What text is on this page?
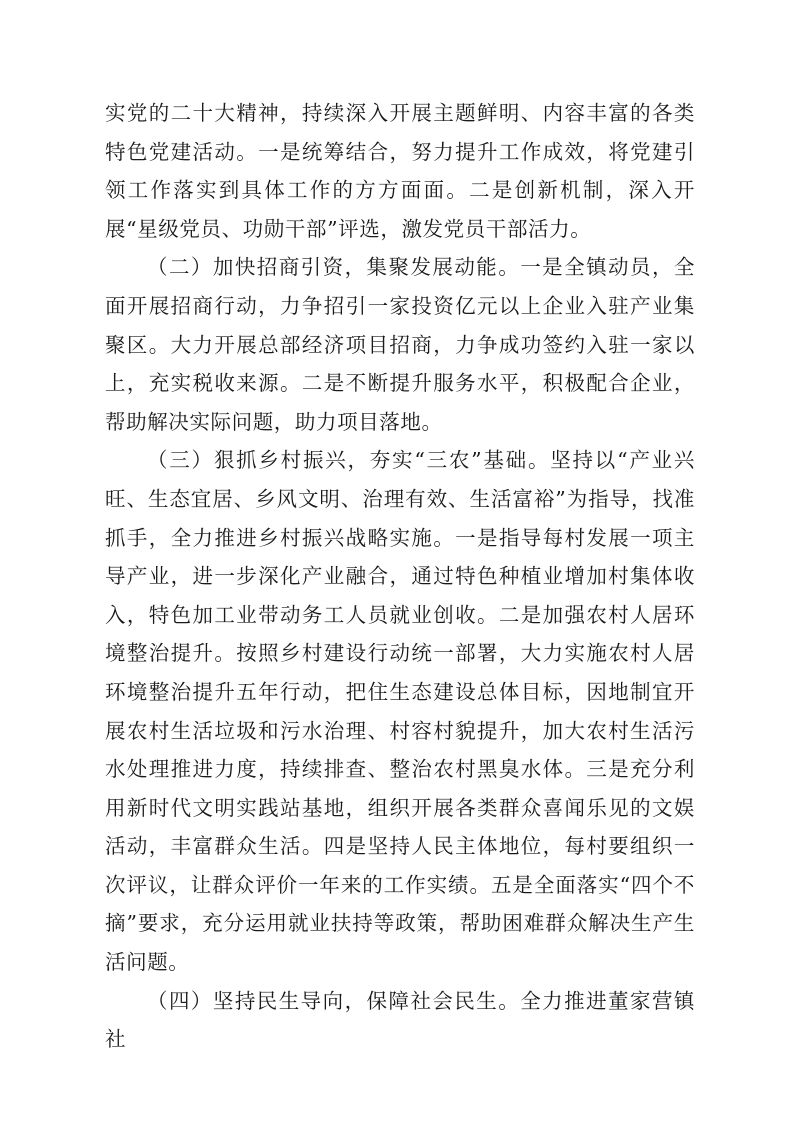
实党的二十大精神，持续深入开展主题鲜明、内容丰富的各类特色党建活动。一是统筹结合，努力提升工作成效，将党建引领工作落实到具体工作的方方面面。二是创新机制，深入开展“星级党员、功勋干部”评选，激发党员干部活力。

（二）加快招商引资，集聚发展动能。一是全镇动员，全面开展招商行动，力争招引一家投资亿元以上企业入驻产业集聚区。大力开展总部经济项目招商，力争成功签约入驻一家以上，充实税收来源。二是不断提升服务水平，积极配合企业，帮助解决实际问题，助力项目落地。

（三）狠抓乡村振兴，夯实“三农”基础。坚持以“产业兴旺、生态宜居、乡风文明、治理有效、生活富裕”为指导，找准抓手，全力推进乡村振兴战略实施。一是指导每村发展一项主导产业，进一步深化产业融合，通过特色种植业增加村集体收入，特色加工业带动务工人员就业创收。二是加强农村人居环境整治提升。按照乡村建设行动统一部署，大力实施农村人居环境整治提升五年行动，把住生态建设总体目标，因地制宜开展农村生活垃圾和污水治理、村容村貌提升，加大农村生活污水处理推进力度，持续排查、整治农村黑臭水体。三是充分利用新时代文明实践站基地，组织开展各类群众喜闻乐见的文娱活动，丰富群众生活。四是坚持人民主体地位，每村要组织一次评议，让群众评价一年来的工作实绩。五是全面落实“四个不摘”要求，充分运用就业扶持等政策，帮助困难群众解决生产生活问题。

（四）坚持民生导向，保障社会民生。全力推进董家营镇社
